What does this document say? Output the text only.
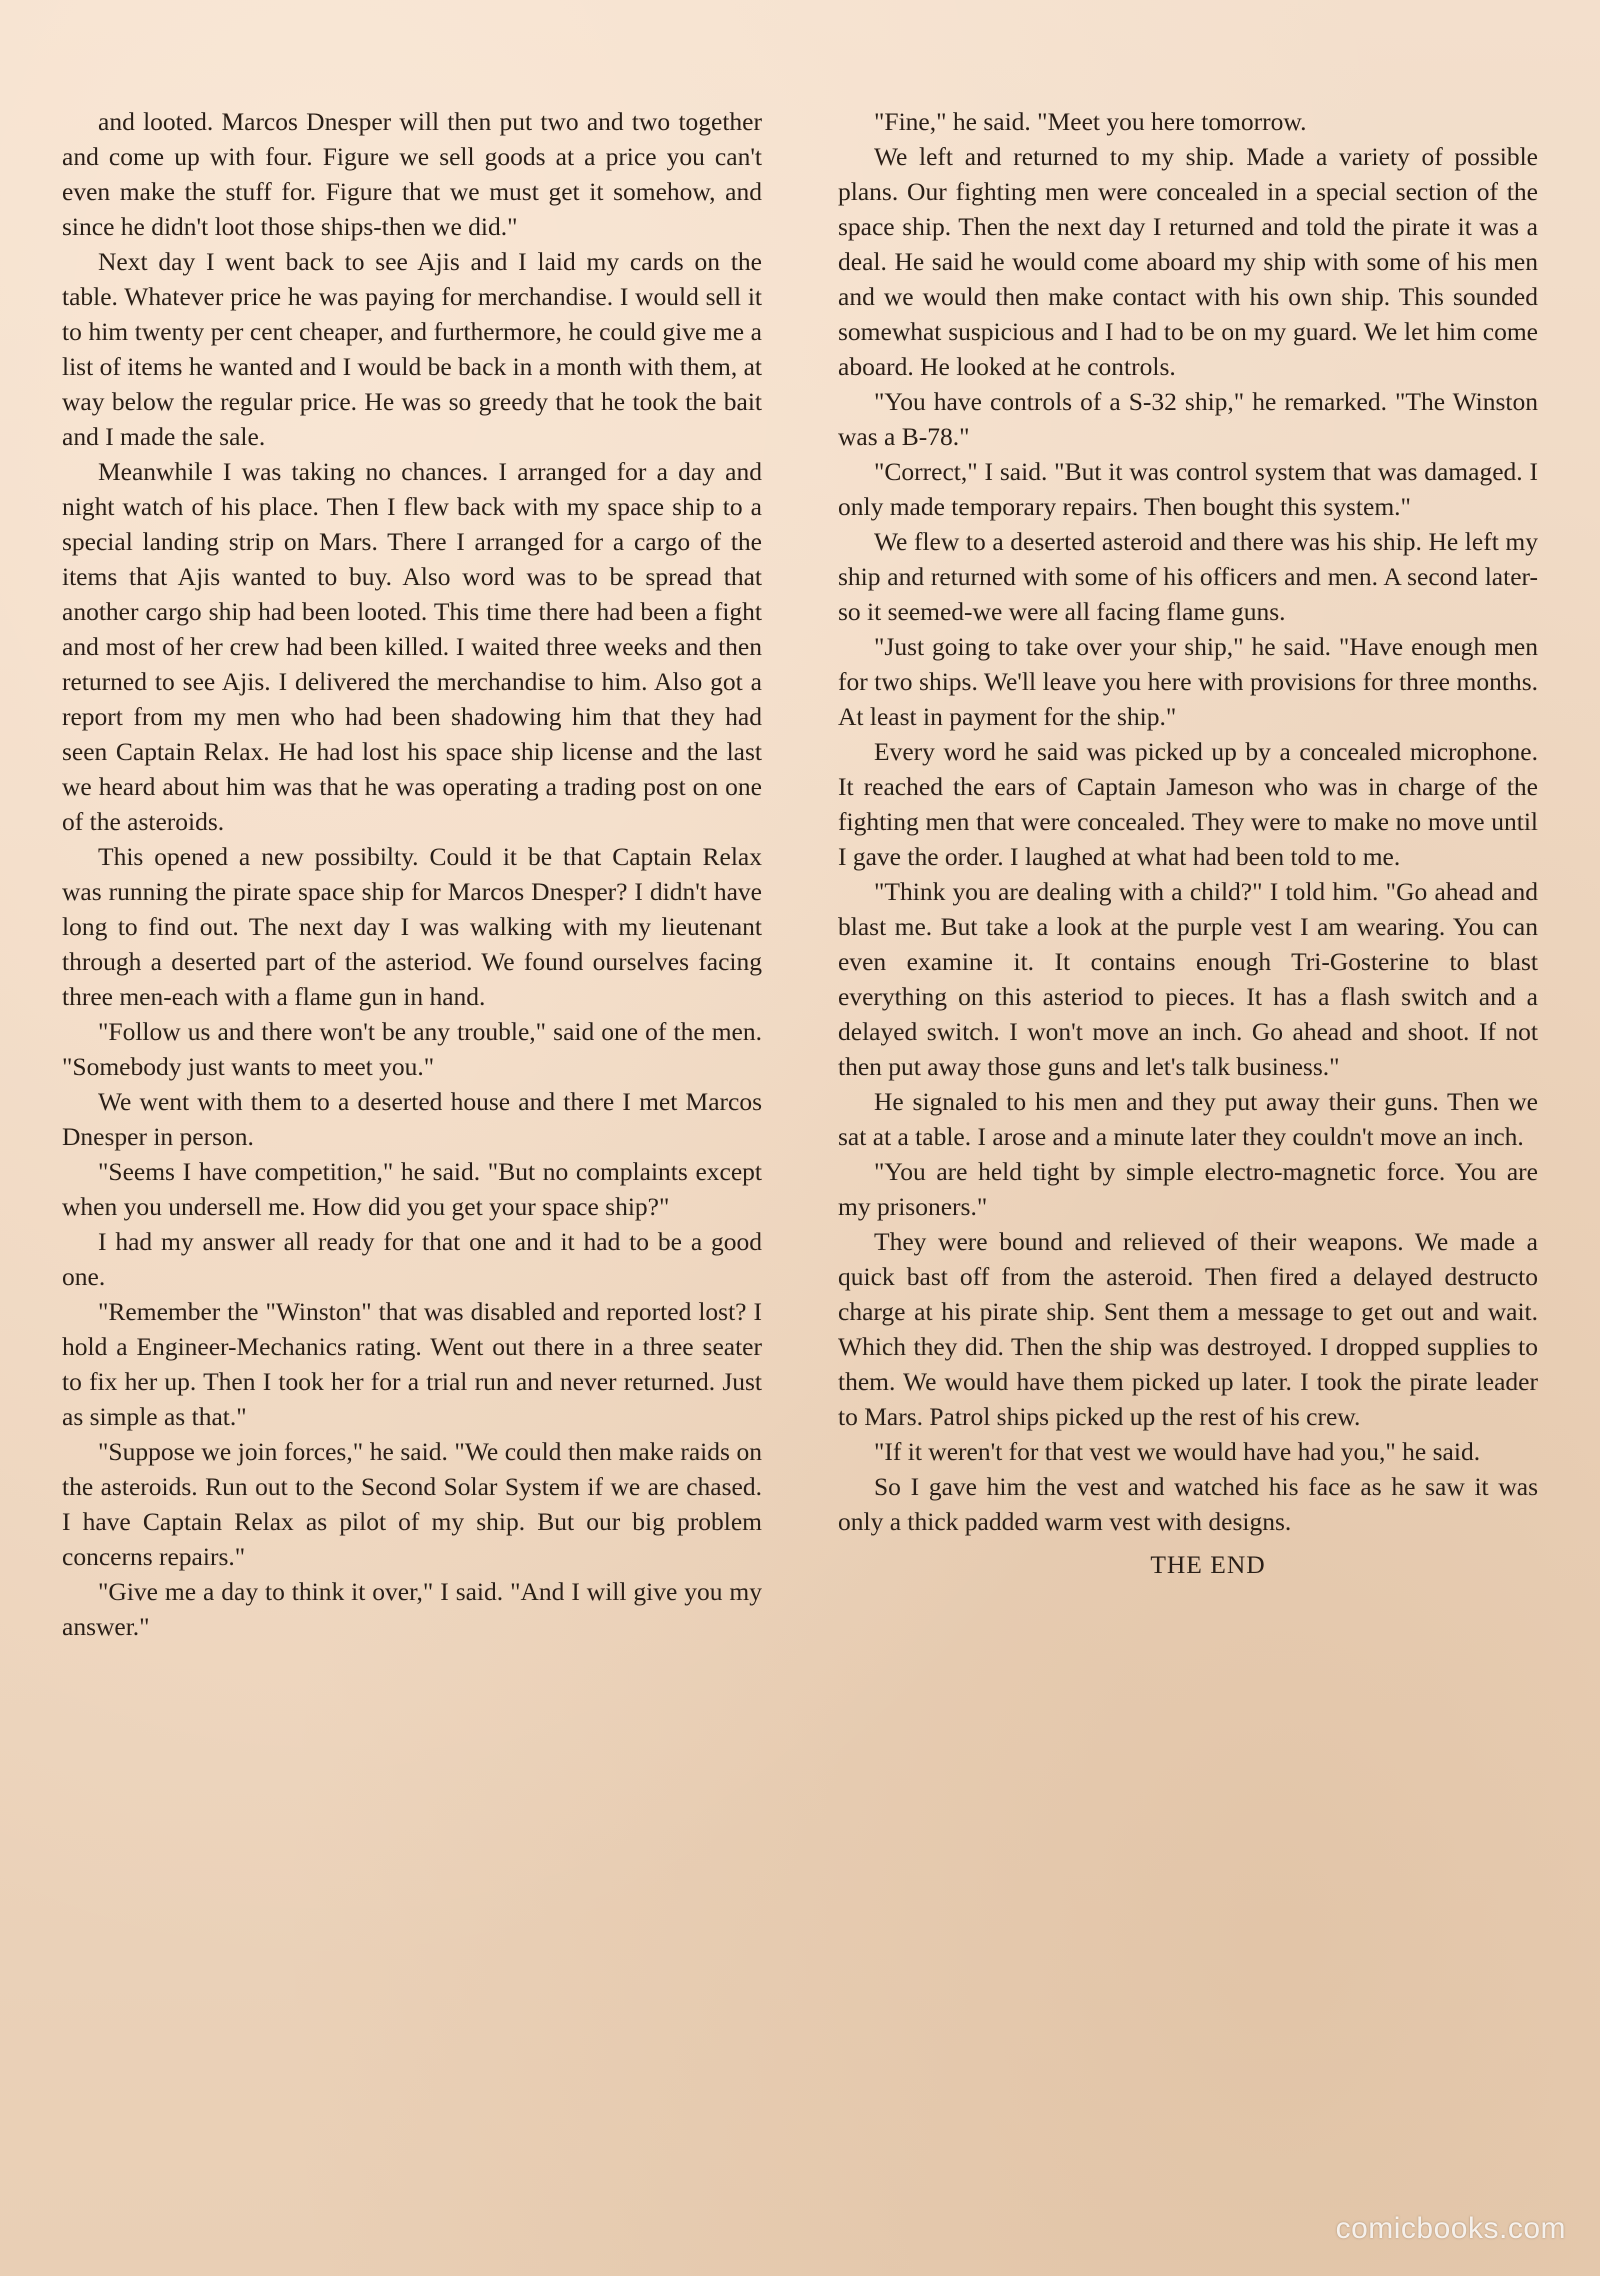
and looted. Marcos Dnesper will then put two and two together and come up with four. Figure we sell goods at a price you can't even make the stuff for. Figure that we must get it somehow, and since he didn't loot those ships-then we did."

Next day I went back to see Ajis and I laid my cards on the table. Whatever price he was paying for merchandise. I would sell it to him twenty per cent cheaper, and furthermore, he could give me a list of items he wanted and I would be back in a month with them, at way below the regular price. He was so greedy that he took the bait and I made the sale.

Meanwhile I was taking no chances. I arranged for a day and night watch of his place. Then I flew back with my space ship to a special landing strip on Mars. There I arranged for a cargo of the items that Ajis wanted to buy. Also word was to be spread that another cargo ship had been looted. This time there had been a fight and most of her crew had been killed. I waited three weeks and then returned to see Ajis. I delivered the merchandise to him. Also got a report from my men who had been shadowing him that they had seen Captain Relax. He had lost his space ship license and the last we heard about him was that he was operating a trading post on one of the asteroids.

This opened a new possibilty. Could it be that Captain Relax was running the pirate space ship for Marcos Dnesper? I didn't have long to find out. The next day I was walking with my lieutenant through a deserted part of the asteriod. We found ourselves facing three men-each with a flame gun in hand.

"Follow us and there won't be any trouble," said one of the men. "Somebody just wants to meet you."

We went with them to a deserted house and there I met Marcos Dnesper in person.

"Seems I have competition," he said. "But no complaints except when you undersell me. How did you get your space ship?"

I had my answer all ready for that one and it had to be a good one.

"Remember the "Winston" that was disabled and reported lost? I hold a Engineer-Mechanics rating. Went out there in a three seater to fix her up. Then I took her for a trial run and never returned. Just as simple as that."

"Suppose we join forces," he said. "We could then make raids on the asteroids. Run out to the Second Solar System if we are chased. I have Captain Relax as pilot of my ship. But our big problem concerns repairs."

"Give me a day to think it over," I said. "And I will give you my answer."

"Fine," he said. "Meet you here tomorrow.

We left and returned to my ship. Made a variety of possible plans. Our fighting men were concealed in a special section of the space ship. Then the next day I returned and told the pirate it was a deal. He said he would come aboard my ship with some of his men and we would then make contact with his own ship. This sounded somewhat suspicious and I had to be on my guard. We let him come aboard. He looked at he controls.

"You have controls of a S-32 ship," he remarked. "The Winston was a B-78."

"Correct," I said. "But it was control system that was damaged. I only made temporary repairs. Then bought this system."

We flew to a deserted asteroid and there was his ship. He left my ship and returned with some of his officers and men. A second later-so it seemed-we were all facing flame guns.

"Just going to take over your ship," he said. "Have enough men for two ships. We'll leave you here with provisions for three months. At least in payment for the ship."

Every word he said was picked up by a concealed microphone. It reached the ears of Captain Jameson who was in charge of the fighting men that were concealed. They were to make no move until I gave the order. I laughed at what had been told to me.

"Think you are dealing with a child?" I told him. "Go ahead and blast me. But take a look at the purple vest I am wearing. You can even examine it. It contains enough Tri-Gosterine to blast everything on this asteriod to pieces. It has a flash switch and a delayed switch. I won't move an inch. Go ahead and shoot. If not then put away those guns and let's talk business."

He signaled to his men and they put away their guns. Then we sat at a table. I arose and a minute later they couldn't move an inch.

"You are held tight by simple electro-magnetic force. You are my prisoners."

They were bound and relieved of their weapons. We made a quick bast off from the asteroid. Then fired a delayed destructo charge at his pirate ship. Sent them a message to get out and wait. Which they did. Then the ship was destroyed. I dropped supplies to them. We would have them picked up later. I took the pirate leader to Mars. Patrol ships picked up the rest of his crew.

"If it weren't for that vest we would have had you," he said.

So I gave him the vest and watched his face as he saw it was only a thick padded warm vest with designs.

THE END

comicbooks.com
